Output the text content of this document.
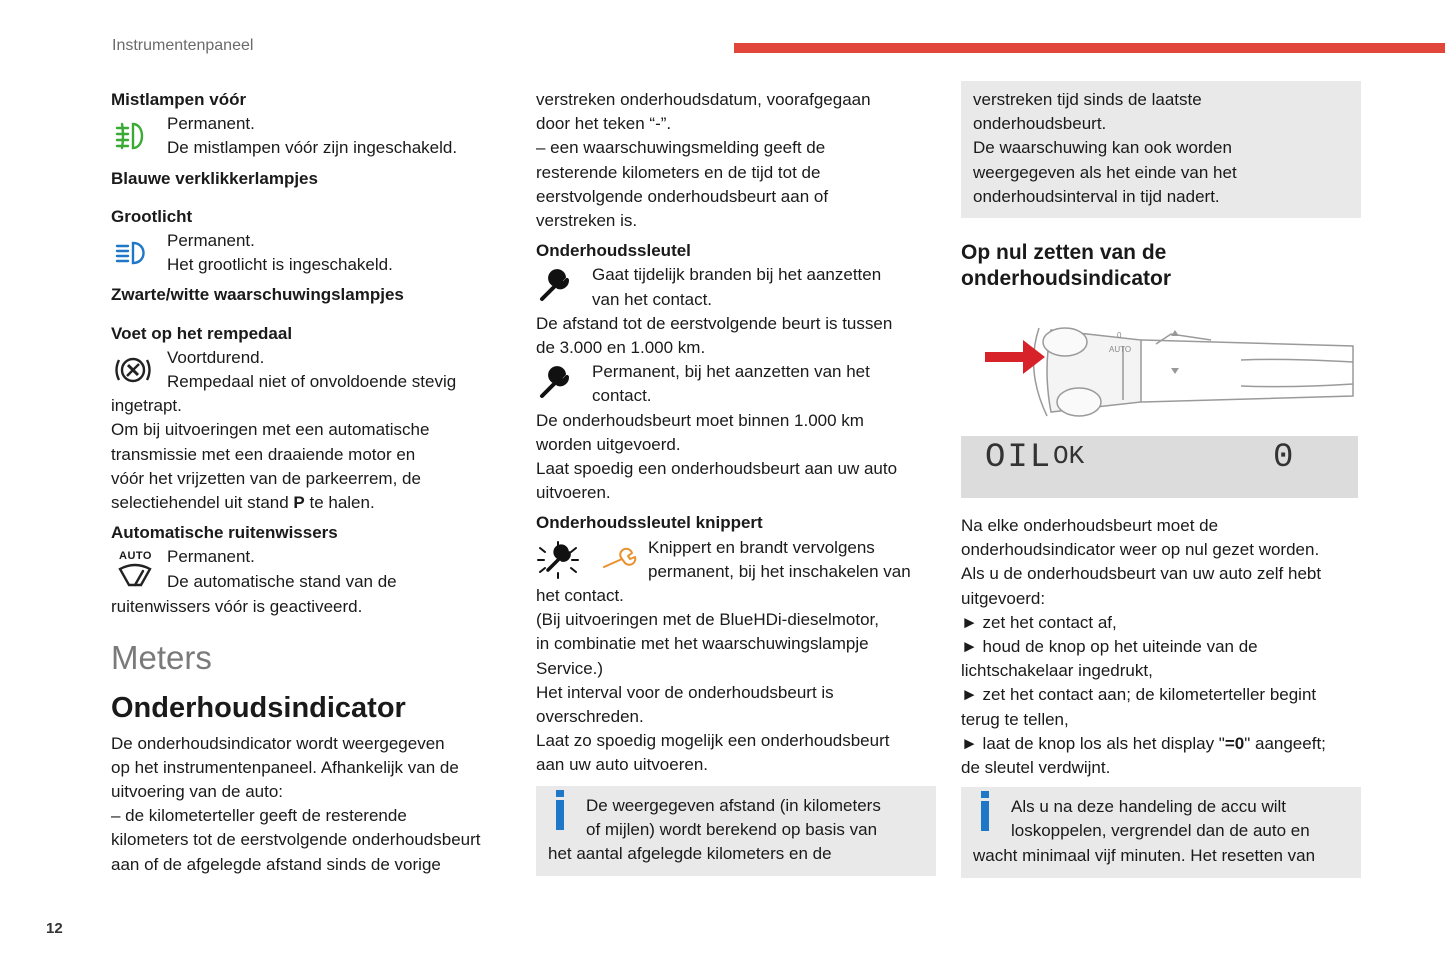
Instrumentenpaneel
12

Mistlampen vóór

Permanent.

De mistlampen vóór zijn ingeschakeld.

Blauwe verklikkerlampjes

Grootlicht

Permanent.

Het grootlicht is ingeschakeld.

Zwarte/witte waarschuwingslampjes

Voet op het rempedaal

Voortdurend.

Rempedaal niet of onvoldoende stevig

ingetrapt.

Om bij uitvoeringen met een automatische

transmissie met een draaiende motor en

vóór het vrijzetten van de parkeerrem, de

selectiehendel uit stand P te halen.

Automatische ruitenwissers

AUTO Permanent.

De automatische stand van de

ruitenwissers vóór is geactiveerd.

Meters
Onderhoudsindicator

De onderhoudsindicator wordt weergegeven

op het instrumentenpaneel. Afhankelijk van de

uitvoering van de auto:

– de kilometerteller geeft de resterende

kilometers tot de eerstvolgende onderhoudsbeurt

aan of de afgelegde afstand sinds de vorige

verstreken onderhoudsdatum, voorafgegaan

door het teken “-”.

– een waarschuwingsmelding geeft de

resterende kilometers en de tijd tot de

eerstvolgende onderhoudsbeurt aan of

verstreken is.

Onderhoudssleutel

Gaat tijdelijk branden bij het aanzetten

van het contact.

De afstand tot de eerstvolgende beurt is tussen

de 3.000 en 1.000 km.

Permanent, bij het aanzetten van het

contact.

De onderhoudsbeurt moet binnen 1.000 km

worden uitgevoerd.

Laat spoedig een onderhoudsbeurt aan uw auto

uitvoeren.

Onderhoudssleutel knippert

Knippert en brandt vervolgens

permanent, bij het inschakelen van

het contact.

(Bij uitvoeringen met de BlueHDi-dieselmotor,

in combinatie met het waarschuwingslampje

Service.)

Het interval voor de onderhoudsbeurt is

overschreden.

Laat zo spoedig mogelijk een onderhoudsbeurt

aan uw auto uitvoeren.

De weergegeven afstand (in kilometers

of mijlen) wordt berekend op basis van

het aantal afgelegde kilometers en de

verstreken tijd sinds de laatste

onderhoudsbeurt.

De waarschuwing kan ook worden

weergegeven als het einde van het

onderhoudsinterval in tijd nadert.

Op nul zetten van de

onderhoudsindicator

0
AUTO
OIL OK	0

Na elke onderhoudsbeurt moet de

onderhoudsindicator weer op nul gezet worden.

Als u de onderhoudsbeurt van uw auto zelf hebt

uitgevoerd:

► zet het contact af,

► houd de knop op het uiteinde van de

lichtschakelaar ingedrukt,

► zet het contact aan; de kilometerteller begint

terug te tellen,

► laat de knop los als het display "=0" aangeeft;

de sleutel verdwijnt.

Als u na deze handeling de accu wilt

loskoppelen, vergrendel dan de auto en

wacht minimaal vijf minuten. Het resetten van
